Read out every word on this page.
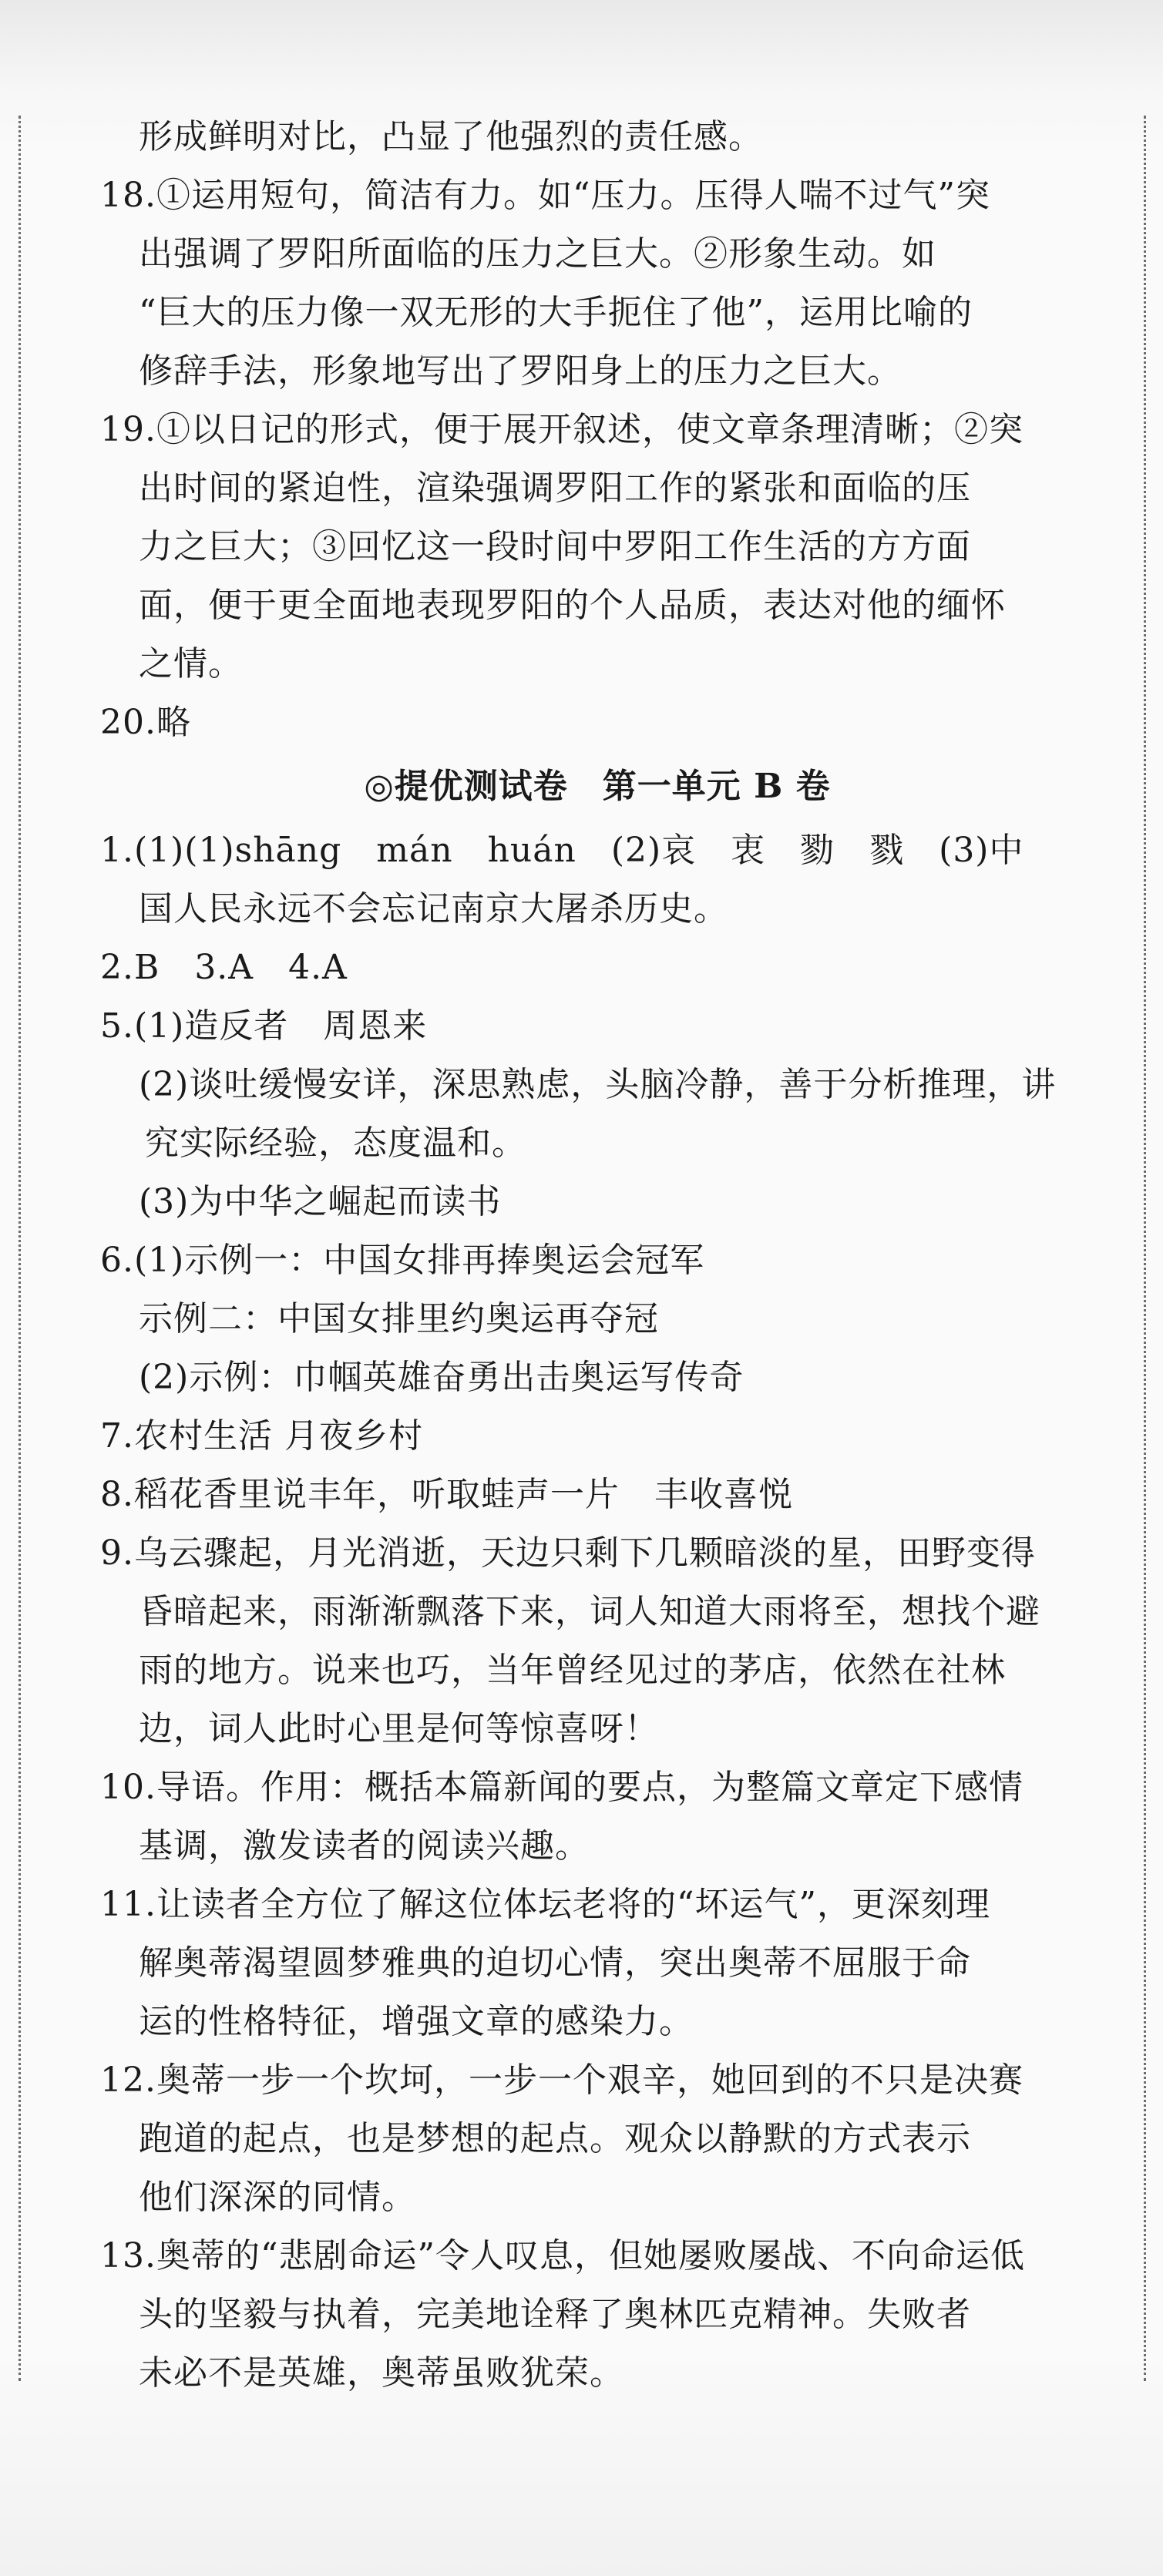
形成鲜明对比，凸显了他强烈的责任感。
18.①运用短句，简洁有力。如“压力。压得人喘不过气”突
出强调了罗阳所面临的压力之巨大。②形象生动。如
“巨大的压力像一双无形的大手扼住了他”，运用比喻的
修辞手法，形象地写出了罗阳身上的压力之巨大。
19.①以日记的形式，便于展开叙述，使文章条理清晰；②突
出时间的紧迫性，渲染强调罗阳工作的紧张和面临的压
力之巨大；③回忆这一段时间中罗阳工作生活的方方面
面，便于更全面地表现罗阳的个人品质，表达对他的缅怀
之情。
20.略
◎提优测试卷　第一单元 B 卷
1.(1)(1)shāng　mán　huán　(2)哀　衷　勠　戮　(3)中
国人民永远不会忘记南京大屠杀历史。
2.B　3.A　4.A
5.(1)造反者　周恩来
(2)谈吐缓慢安详，深思熟虑，头脑冷静，善于分析推理，讲
究实际经验，态度温和。
(3)为中华之崛起而读书
6.(1)示例一：中国女排再捧奥运会冠军
示例二：中国女排里约奥运再夺冠
(2)示例：巾帼英雄奋勇出击奥运写传奇
7.农村生活 月夜乡村
8.稻花香里说丰年，听取蛙声一片　丰收喜悦
9.乌云骤起，月光消逝，天边只剩下几颗暗淡的星，田野变得
昏暗起来，雨渐渐飘落下来，词人知道大雨将至，想找个避
雨的地方。说来也巧，当年曾经见过的茅店，依然在社林
边，词人此时心里是何等惊喜呀！
10.导语。作用：概括本篇新闻的要点，为整篇文章定下感情
基调，激发读者的阅读兴趣。
11.让读者全方位了解这位体坛老将的“坏运气”，更深刻理
解奥蒂渴望圆梦雅典的迫切心情，突出奥蒂不屈服于命
运的性格特征，增强文章的感染力。
12.奥蒂一步一个坎坷，一步一个艰辛，她回到的不只是决赛
跑道的起点，也是梦想的起点。观众以静默的方式表示
他们深深的同情。
13.奥蒂的“悲剧命运”令人叹息，但她屡败屡战、不向命运低
头的坚毅与执着，完美地诠释了奥林匹克精神。失败者
未必不是英雄，奥蒂虽败犹荣。
